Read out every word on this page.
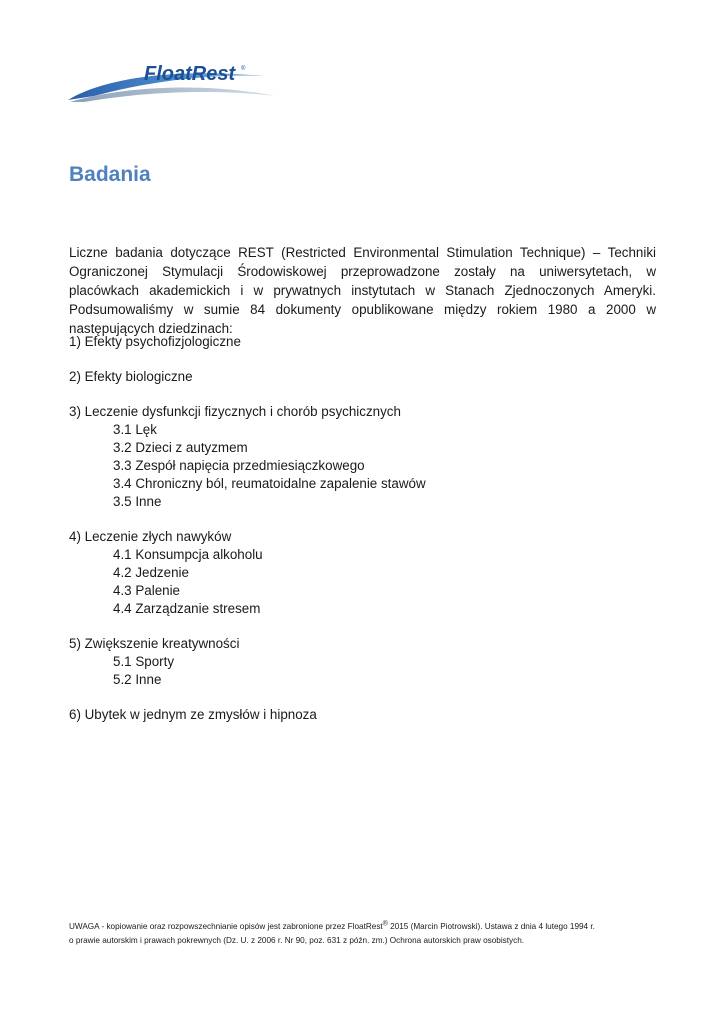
FloatRest ®
Badania

Liczne badania dotyczące REST (Restricted Environmental Stimulation Technique) – Techniki Ograniczonej Stymulacji Środowiskowej przeprowadzone zostały na uniwersytetach, w placówkach akademickich i w prywatnych instytutach w Stanach Zjednoczonych Ameryki. Podsumowaliśmy w sumie 84 dokumenty opublikowane między rokiem 1980 a 2000 w następujących dziedzinach:

1) Efekty psychofizjologiczne

2) Efekty biologiczne

3) Leczenie dysfunkcji fizycznych i chorób psychicznych

3.1 Lęk

3.2 Dzieci z autyzmem

3.3 Zespół napięcia przedmiesiączkowego

3.4 Chroniczny ból, reumatoidalne zapalenie stawów

3.5 Inne

4) Leczenie złych nawyków

4.1 Konsumpcja alkoholu

4.2 Jedzenie

4.3 Palenie

4.4 Zarządzanie stresem

5) Zwiększenie kreatywności

5.1 Sporty

5.2 Inne

6) Ubytek w jednym ze zmysłów i hipnoza

UWAGA - kopiowanie oraz rozpowszechnianie opisów jest zabronione przez FloatRest® 2015 (Marcin Piotrowski). Ustawa z dnia 4 lutego 1994 r.

o prawie autorskim i prawach pokrewnych (Dz. U. z 2006 r. Nr 90, poz. 631 z późn. zm.) Ochrona autorskich praw osobistych.
